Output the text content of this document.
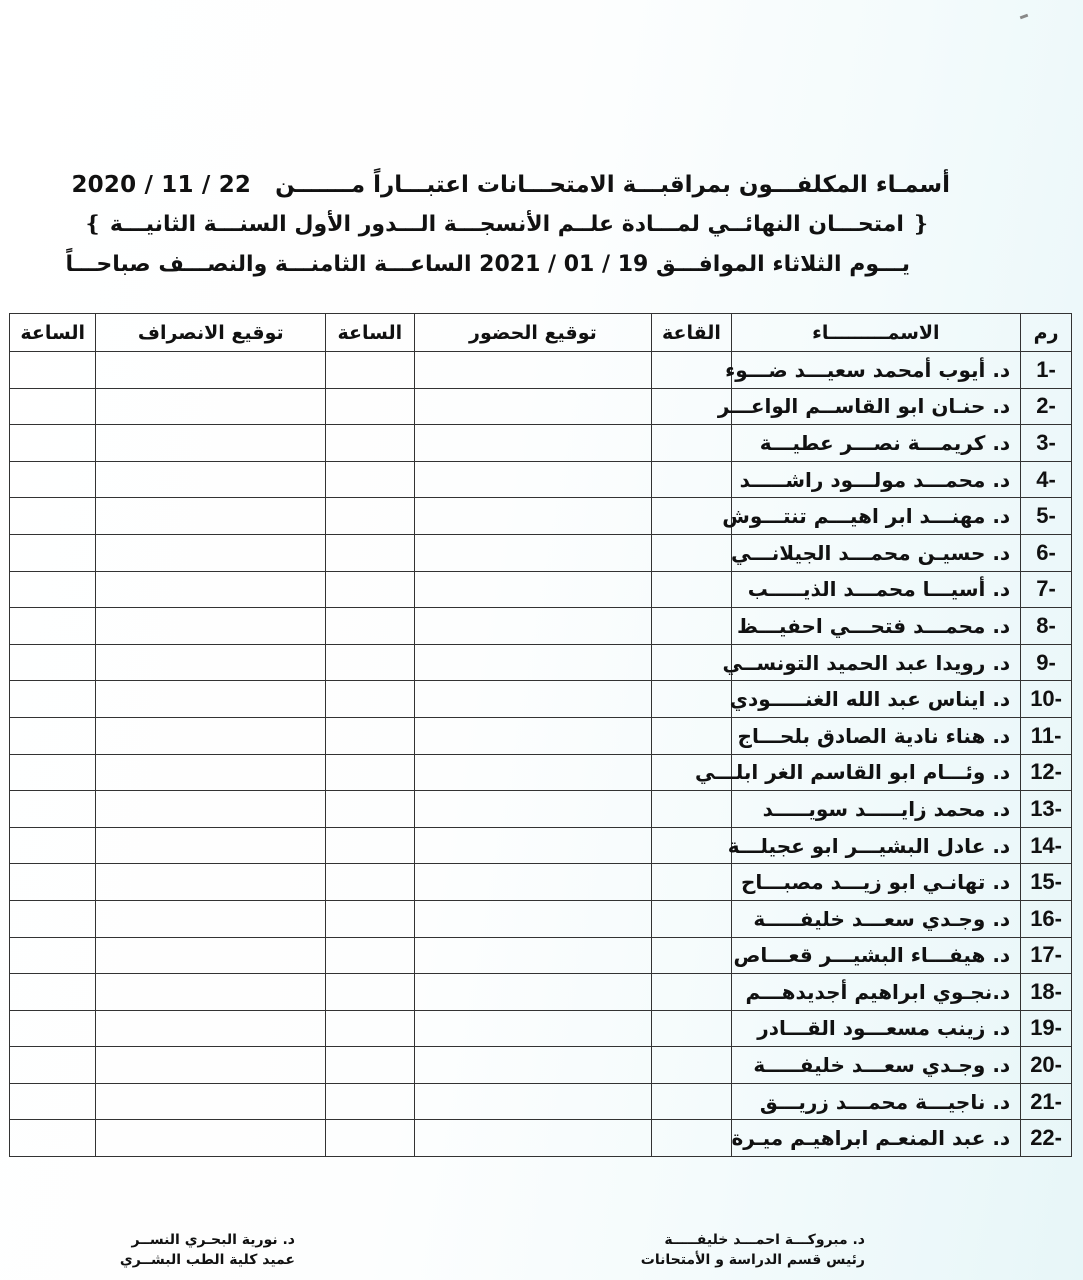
أسمـاء المكلفـــون بمراقبـــة الامتحـــانات اعتبـــاراً مـــــــن   2020 / 11 / 22
❴ امتحـــان النهائــي لمـــادة علــم الأنسجـــة الـــدور الأول السنـــة الثانيـــة ❵
يـــوم الثلاثاء الموافـــق 2021 / 01 / 19 الساعـــة الثامنـــة والنصـــف صباحـــاً
رم	الاسمـــــــــاء	القاعة	توقيع الحضور	الساعة	توقيع الانصراف	الساعة
-1	د. أيوب أمحمد سعيـــد ضـــوء					
-2	د. حنـان ابو القاســم الواعـــر					
-3	د. كريمـــة نصـــر عطيـــة					
-4	د. محمـــد مولـــود راشـــــد					
-5	د. مهنـــد ابر اهيـــم تنتـــوش					
-6	د. حسيـن محمـــد الجيلانـــي					
-7	د. أسيـــا محمـــد الذيـــــب					
-8	د. محمـــد فتحـــي احفيـــظ					
-9	د. رويدا عبد الحميد التونســي					
-10	د. ايناس عبد الله الغنـــــودي					
-11	د. هناء نادية الصادق بلحـــاج					
-12	د. وئـــام ابو القاسم الغر ابلـــي					
-13	د. محمد زايـــــد سويـــــد					
-14	د. عادل البشيـــر ابو عجيلـــة					
-15	د. تهانـي ابو زيـــد مصبـــاح					
-16	د. وجـدي سعـــد خليفـــــة					
-17	د. هيفـــاء البشيـــر قعـــاص					
-18	د.نجـوي ابراهيم أجديدهـــم					
-19	د. زينب مسعـــود القـــادر					
-20	د. وجـدي سعـــد خليفـــــة					
-21	د. ناجيـــة محمـــد زريـــق					
-22	د. عبد المنعـم ابراهيـم ميـرة					
د. مبروكـــة احمـــد خليفـــــة
رئيس قسم الدراسة و الأمتحانات
د. نورية البحـري النســر
عميد كلية الطب البشــري
